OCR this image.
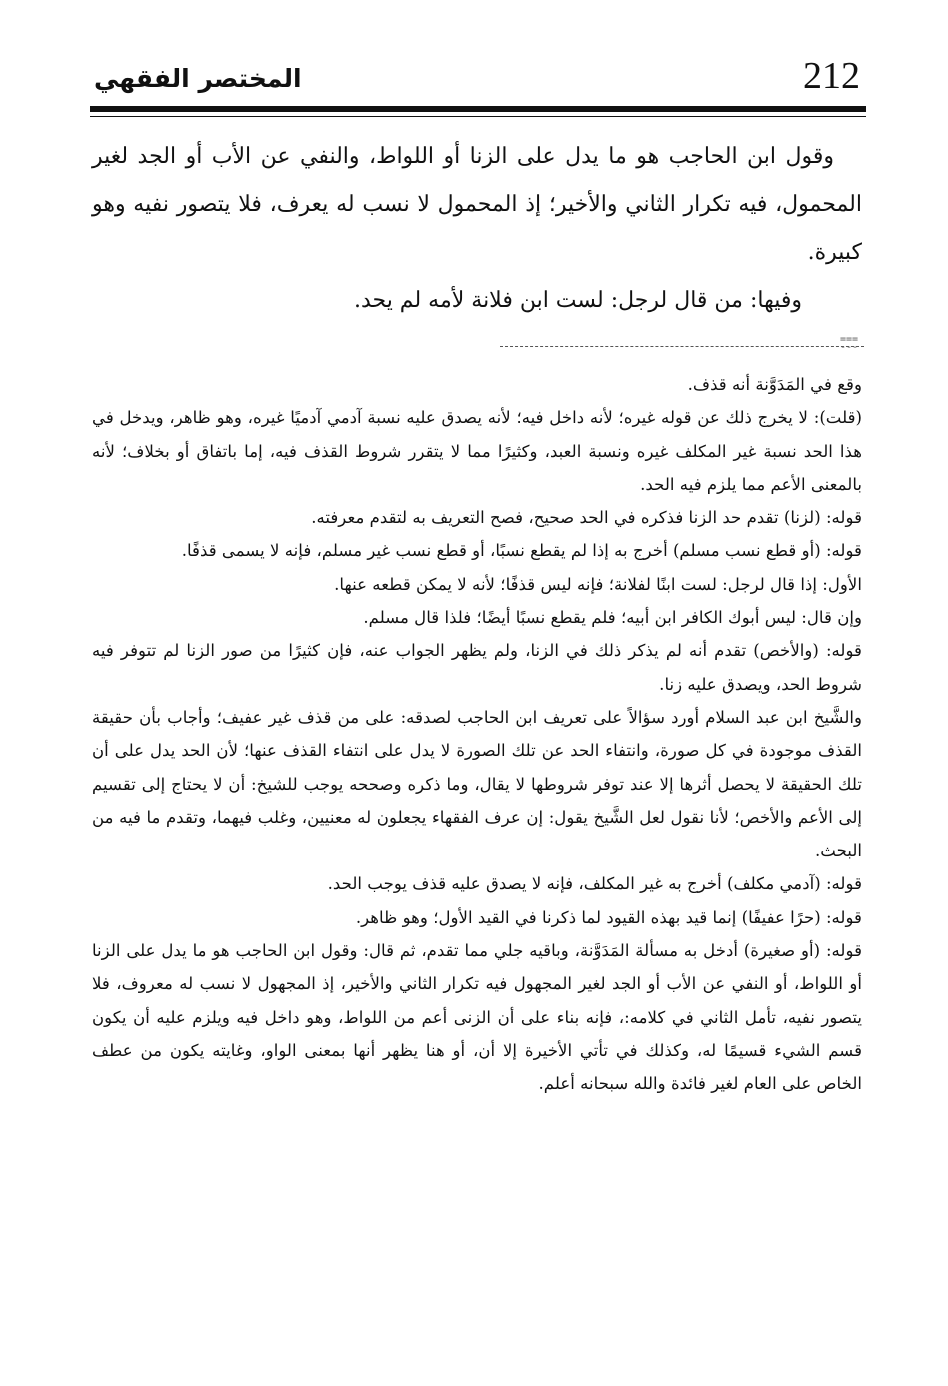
212
المختصر الفقهي

وقول ابن الحاجب هو ما يدل على الزنا أو اللواط، والنفي عن الأب أو الجد لغير المحمول، فيه تكرار الثاني والأخير؛ إذ المحمول لا نسب له يعرف، فلا يتصور نفيه وهو كبيرة.

وفيها: من قال لرجل: لست ابن فلانة لأمه لم يحد.

===
---

وقع في المَدَوَّنة أنه قذف.

(قلت): لا يخرج ذلك عن قوله غيره؛ لأنه داخل فيه؛ لأنه يصدق عليه نسبة آدمي آدميًا غيره، وهو ظاهر، ويدخل في هذا الحد نسبة غير المكلف غيره ونسبة العبد، وكثيرًا مما لا يتقرر شروط القذف فيه، إما باتفاق أو بخلاف؛ لأنه بالمعنى الأعم مما يلزم فيه الحد.

قوله: (لزنا) تقدم حد الزنا فذكره في الحد صحيح، فصح التعريف به لتقدم معرفته.

قوله: (أو قطع نسب مسلم) أخرج به إذا لم يقطع نسبًا، أو قطع نسب غير مسلم، فإنه لا يسمى قذفًا.

الأول: إذا قال لرجل: لست ابنًا لفلانة؛ فإنه ليس قذفًا؛ لأنه لا يمكن قطعه عنها.

وإن قال: ليس أبوك الكافر ابن أبيه؛ فلم يقطع نسبًا أيضًا؛ فلذا قال مسلم.

قوله: (والأخص) تقدم أنه لم يذكر ذلك في الزنا، ولم يظهر الجواب عنه، فإن كثيرًا من صور الزنا لم تتوفر فيه شروط الحد، ويصدق عليه زنا.

والشَّيخ ابن عبد السلام أورد سؤالاً على تعريف ابن الحاجب لصدقه: على من قذف غير عفيف؛ وأجاب بأن حقيقة القذف موجودة في كل صورة، وانتفاء الحد عن تلك الصورة لا يدل على انتفاء القذف عنها؛ لأن الحد يدل على أن تلك الحقيقة لا يحصل أثرها إلا عند توفر شروطها لا يقال، وما ذكره وصححه يوجب للشيخ: أن لا يحتاج إلى تقسيم إلى الأعم والأخص؛ لأنا نقول لعل الشَّيخ يقول: إن عرف الفقهاء يجعلون له معنيين، وغلب فيهما، وتقدم ما فيه من البحث.

قوله: (آدمي مكلف) أخرج به غير المكلف، فإنه لا يصدق عليه قذف يوجب الحد.

قوله: (حرًا عفيفًا) إنما قيد بهذه القيود لما ذكرنا في القيد الأول؛ وهو ظاهر.

قوله: (أو صغيرة) أدخل به مسألة المَدَوَّنة، وباقيه جلي مما تقدم، ثم قال: وقول ابن الحاجب هو ما يدل على الزنا أو اللواط، أو النفي عن الأب أو الجد لغير المجهول فيه تكرار الثاني والأخير، إذ المجهول لا نسب له معروف، فلا يتصور نفيه، تأمل الثاني في كلامه:، فإنه بناء على أن الزنى أعم من اللواط، وهو داخل فيه ويلزم عليه أن يكون قسم الشيء قسيمًا له، وكذلك في تأتي الأخيرة إلا أن، أو هنا يظهر أنها بمعنى الواو، وغايته يكون من عطف الخاص على العام لغير فائدة والله سبحانه أعلم.
